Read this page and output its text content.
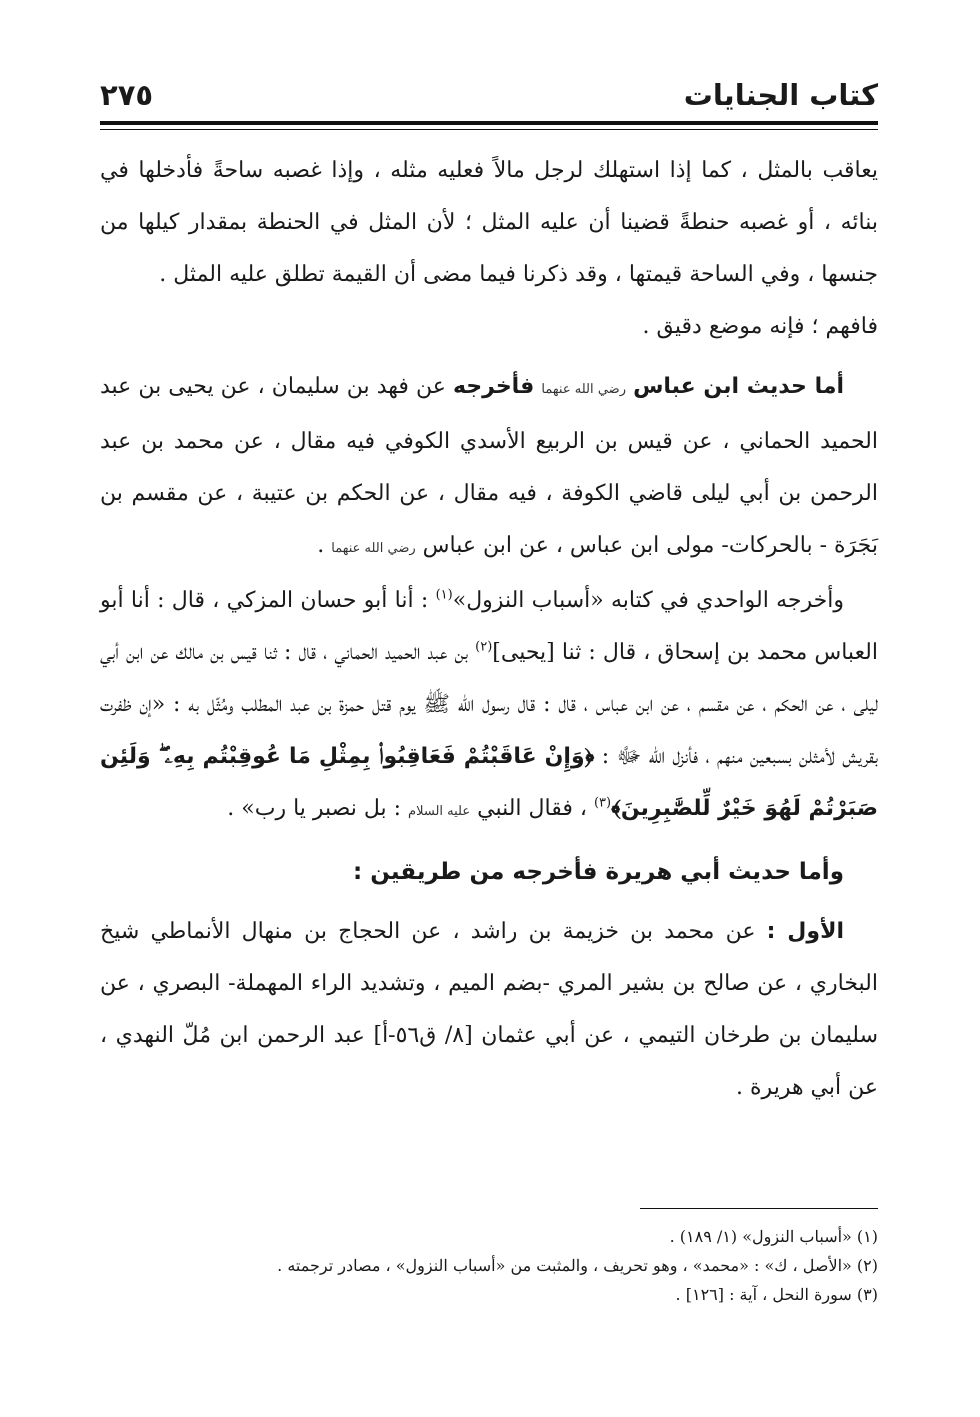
كتاب الجنايات
٢٧٥

يعاقب بالمثل ، كما إذا استهلك لرجل مالاً فعليه مثله ، وإذا غصبه ساحةً فأدخلها في بنائه ، أو غصبه حنطةً قضينا أن عليه المثل ؛ لأن المثل في الحنطة بمقدار كيلها من جنسها ، وفي الساحة قيمتها ، وقد ذكرنا فيما مضى أن القيمة تطلق عليه المثل .

فافهم ؛ فإنه موضع دقيق .

أما حديث ابن عباس رضي الله عنهما فأخرجه عن فهد بن سليمان ، عن يحيى بن عبد الحميد الحماني ، عن قيس بن الربيع الأسدي الكوفي فيه مقال ، عن محمد بن عبد الرحمن بن أبي ليلى قاضي الكوفة ، فيه مقال ، عن الحكم بن عتيبة ، عن مقسم بن بَجَرَة - بالحركات- مولى ابن عباس ، عن ابن عباس رضي الله عنهما .

وأخرجه الواحدي في كتابه «أسباب النزول»$^{(١)}$ : أنا أبو حسان المزكي ، قال : أنا أبو العباس محمد بن إسحاق ، قال : ثنا [يحيى]$^{(٢)}$ بن عبد الحميد الحماني ، قال : ثنا قيس بن مالك عن ابن أبي ليلى ، عن الحكم ، عن مقسم ، عن ابن عباس ، قال : قال رسول الله ﷺ يوم قتل حمزة بن عبد المطلب ومُثّل به : «إن ظفرت بقريش لأمثلن بسبعين منهم ، فأنزل الله ﷻ : ﴿وَإِنْ عَاقَبْتُمْ فَعَاقِبُوا۟ بِمِثْلِ مَا عُوقِبْتُم بِهِۦ ۖ وَلَئِن صَبَرْتُمْ لَهُوَ خَيْرٌ لِّلصَّٰبِرِينَ﴾$^{(٣)}$ ، فقال النبي عليه السلام : بل نصبر يا رب» .

وأما حديث أبي هريرة فأخرجه من طريقين :

الأول : عن محمد بن خزيمة بن راشد ، عن الحجاج بن منهال الأنماطي شيخ البخاري ، عن صالح بن بشير المري -بضم الميم ، وتشديد الراء المهملة- البصري ، عن سليمان بن طرخان التيمي ، عن أبي عثمان [٨/ ق٥٦-أ] عبد الرحمن ابن مُلّ النهدي ، عن أبي هريرة .

(١) «أسباب النزول» (١/ ١٨٩) .

(٢) «الأصل ، ك» : «محمد» ، وهو تحريف ، والمثبت من «أسباب النزول» ، مصادر ترجمته .

(٣) سورة النحل ، آية : [١٢٦] .
